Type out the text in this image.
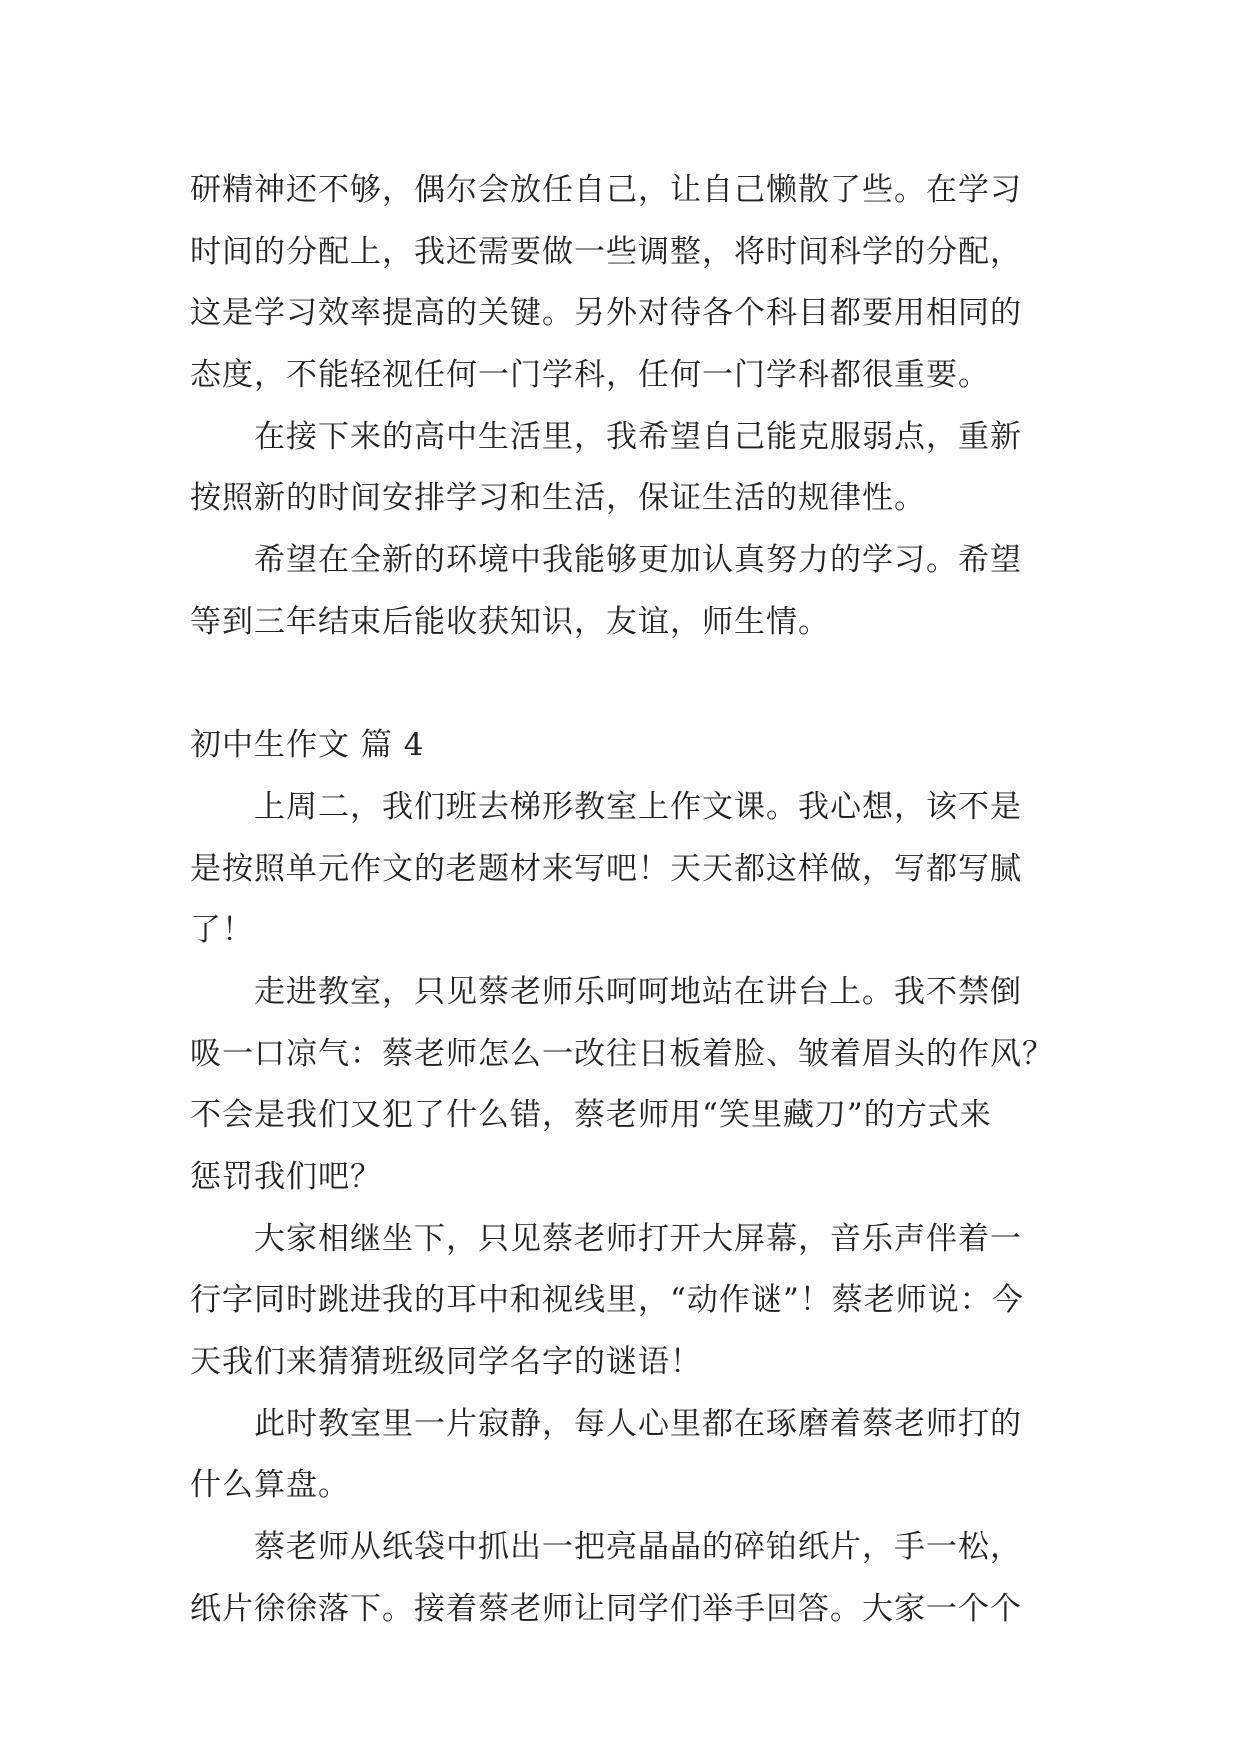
研精神还不够，偶尔会放任自己，让自己懒散了些。在学习
时间的分配上，我还需要做一些调整，将时间科学的分配，
这是学习效率提高的关键。另外对待各个科目都要用相同的
态度，不能轻视任何一门学科，任何一门学科都很重要。
在接下来的高中生活里，我希望自己能克服弱点，重新
按照新的时间安排学习和生活，保证生活的规律性。
希望在全新的环境中我能够更加认真努力的学习。希望
等到三年结束后能收获知识，友谊，师生情。
初中生作文 篇 4
上周二，我们班去梯形教室上作文课。我心想，该不是
是按照单元作文的老题材来写吧！天天都这样做，写都写腻
了！
走进教室，只见蔡老师乐呵呵地站在讲台上。我不禁倒
吸一口凉气：蔡老师怎么一改往日板着脸、皱着眉头的作风？
不会是我们又犯了什么错，蔡老师用“笑里藏刀”的方式来
惩罚我们吧？
大家相继坐下，只见蔡老师打开大屏幕，音乐声伴着一
行字同时跳进我的耳中和视线里，“动作谜”！蔡老师说：今
天我们来猜猜班级同学名字的谜语！
此时教室里一片寂静，每人心里都在琢磨着蔡老师打的
什么算盘。
蔡老师从纸袋中抓出一把亮晶晶的碎铂纸片，手一松，
纸片徐徐落下。接着蔡老师让同学们举手回答。大家一个个
